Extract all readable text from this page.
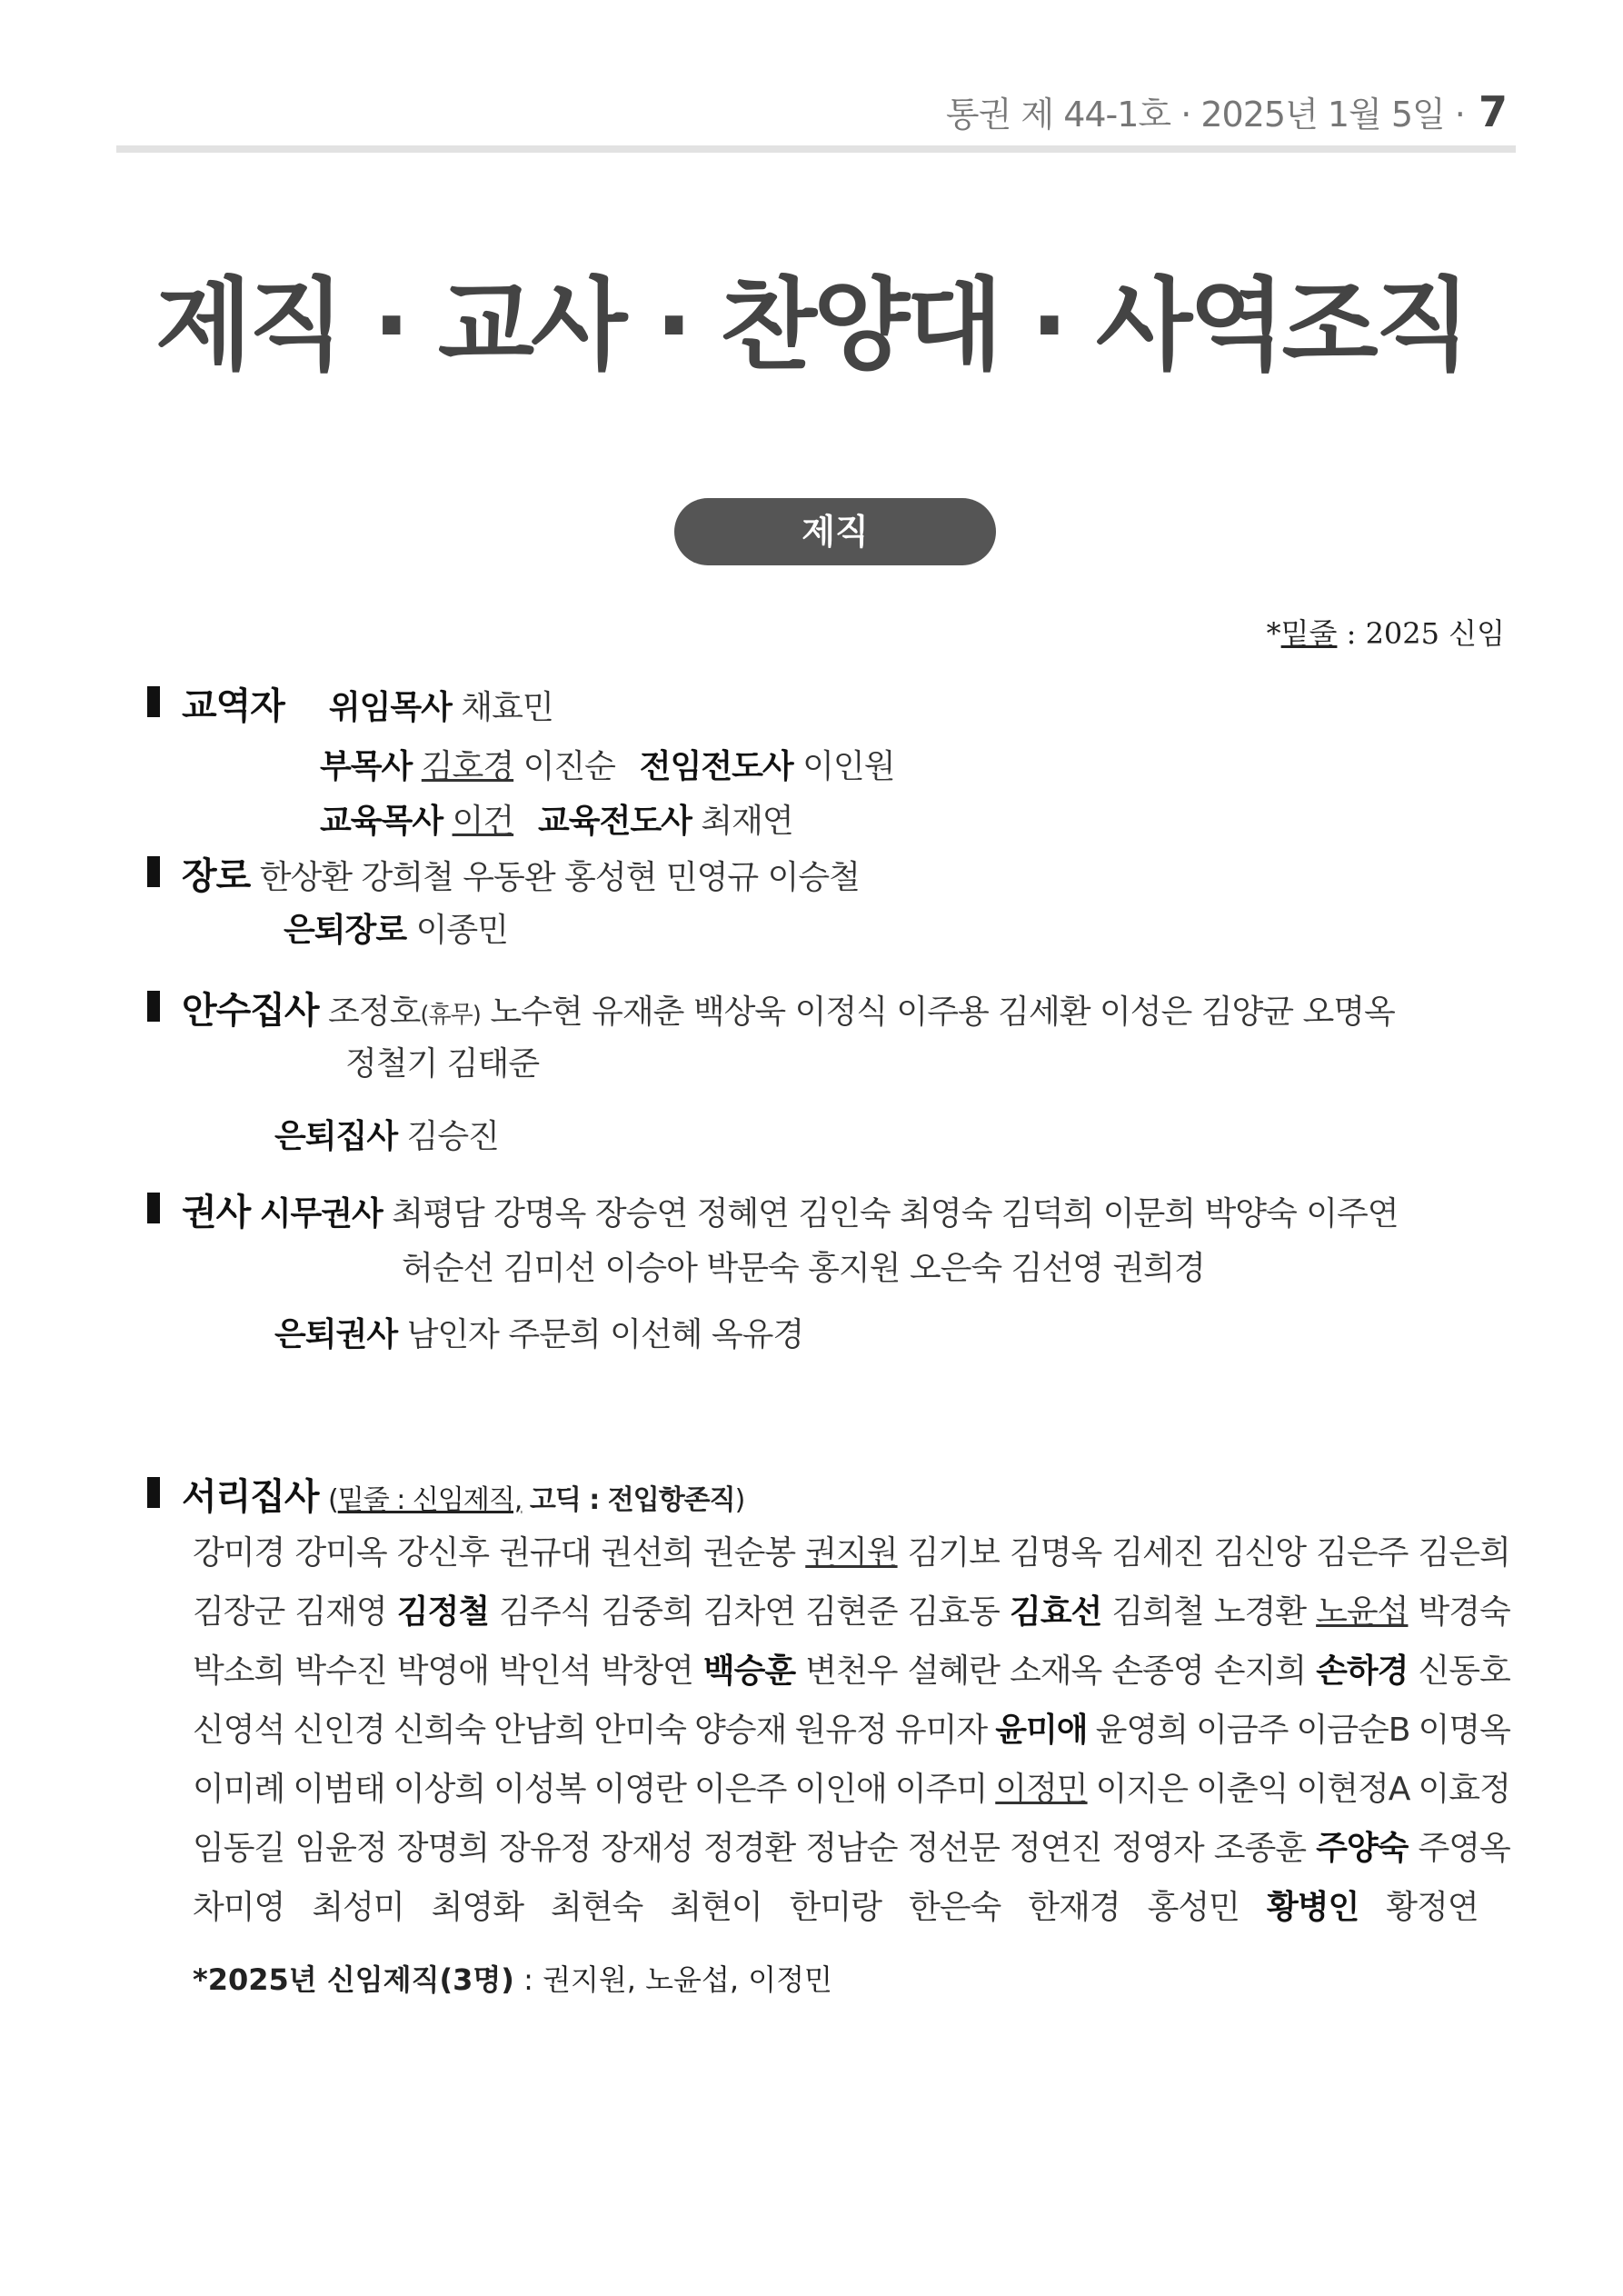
통권 제 44-1호 · 2025년 1월 5일 · 7
제직 · 교사 · 찬양대 · 사역조직
제직
*밑줄 : 2025 신임
교역자 위임목사 채효민
부목사 김호경 이진순 전임전도사 이인원
교육목사 이건 교육전도사 최재연
장로 한상환 강희철 우동완 홍성현 민영규 이승철
은퇴장로 이종민
안수집사 조정호(휴무) 노수현 유재춘 백상욱 이정식 이주용 김세환 이성은 김양균 오명옥
정철기 김태준
은퇴집사 김승진
권사 시무권사 최평담 강명옥 장승연 정혜연 김인숙 최영숙 김덕희 이문희 박양숙 이주연
허순선 김미선 이승아 박문숙 홍지원 오은숙 김선영 권희경
은퇴권사 남인자 주문희 이선혜 옥유경
서리집사 (밑줄 : 신임제직, 고딕 : 전입항존직)
강미경 강미옥 강신후 권규대 권선희 권순봉 권지원 김기보 김명옥 김세진 김신앙 김은주 김은희
김장군 김재영 김정철 김주식 김중희 김차연 김현준 김효동 김효선 김희철 노경환 노윤섭 박경숙
박소희 박수진 박영애 박인석 박창연 백승훈 변천우 설혜란 소재옥 손종영 손지희 손하경 신동호
신영석 신인경 신희숙 안남희 안미숙 양승재 원유정 유미자 윤미애 윤영희 이금주 이금순B 이명옥
이미례 이범태 이상희 이성복 이영란 이은주 이인애 이주미 이정민 이지은 이춘익 이현정A 이효정
임동길 임윤정 장명희 장유정 장재성 정경환 정남순 정선문 정연진 정영자 조종훈 주양숙 주영옥
차미영 최성미 최영화 최현숙 최현이 한미랑 한은숙 한재경 홍성민 황병인 황정연
*2025년 신임제직(3명) : 권지원, 노윤섭, 이정민
